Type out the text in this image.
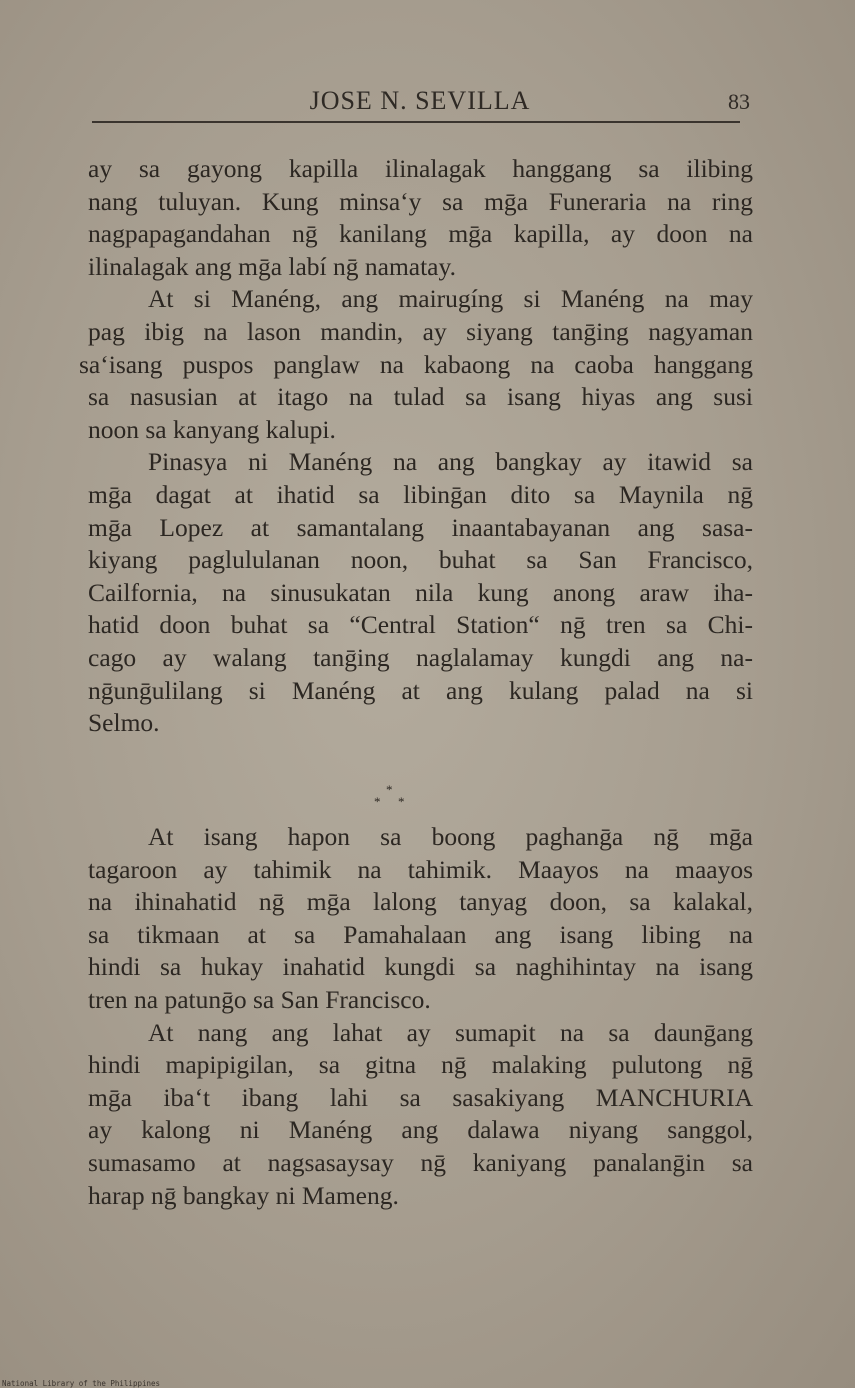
JOSE N. SEVILLA	83
ay sa gayong kapilla ilinalagak hanggang sa ilibing
nang tuluyan. Kung minsa‘y sa mḡa Funeraria na ring
nagpapagandahan nḡ kanilang mḡa kapilla, ay doon na
ilinalagak ang mḡa labí nḡ namatay.
At si Manéng, ang mairugíng si Manéng na may
pag ibig na lason mandin, ay siyang tanḡing nagyaman
sa‘isang puspos panglaw na kabaong na caoba hanggang
sa nasusian at itago na tulad sa isang hiyas ang susi
noon sa kanyang kalupi.
Pinasya ni Manéng na ang bangkay ay itawid sa
mḡa dagat at ihatid sa libinḡan dito sa Maynila nḡ
mḡa Lopez at samantalang inaantabayanan ang sasa-
kiyang paglululanan noon, buhat sa San Francisco,
Cailfornia, na sinusukatan nila kung anong araw iha-
hatid doon buhat sa “Central Station“ nḡ tren sa Chi-
cago ay walang tanḡing naglalamay kungdi ang na-
nḡunḡulilang si Manéng at ang kulang palad na si
Selmo.
*
* *
At isang hapon sa boong paghanḡa nḡ mḡa
tagaroon ay tahimik na tahimik. Maayos na maayos
na ihinahatid nḡ mḡa lalong tanyag doon, sa kalakal,
sa tikmaan at sa Pamahalaan ang isang libing na
hindi sa hukay inahatid kungdi sa naghihintay na isang
tren na patunḡo sa San Francisco.
At nang ang lahat ay sumapit na sa daunḡang
hindi mapipigilan, sa gitna nḡ malaking pulutong nḡ
mḡa iba‘t ibang lahi sa sasakiyang MANCHURIA
ay kalong ni Manéng ang dalawa niyang sanggol,
sumasamo at nagsasaysay nḡ kaniyang panalanḡin sa
harap nḡ bangkay ni Mameng.
National Library of the Philippines
